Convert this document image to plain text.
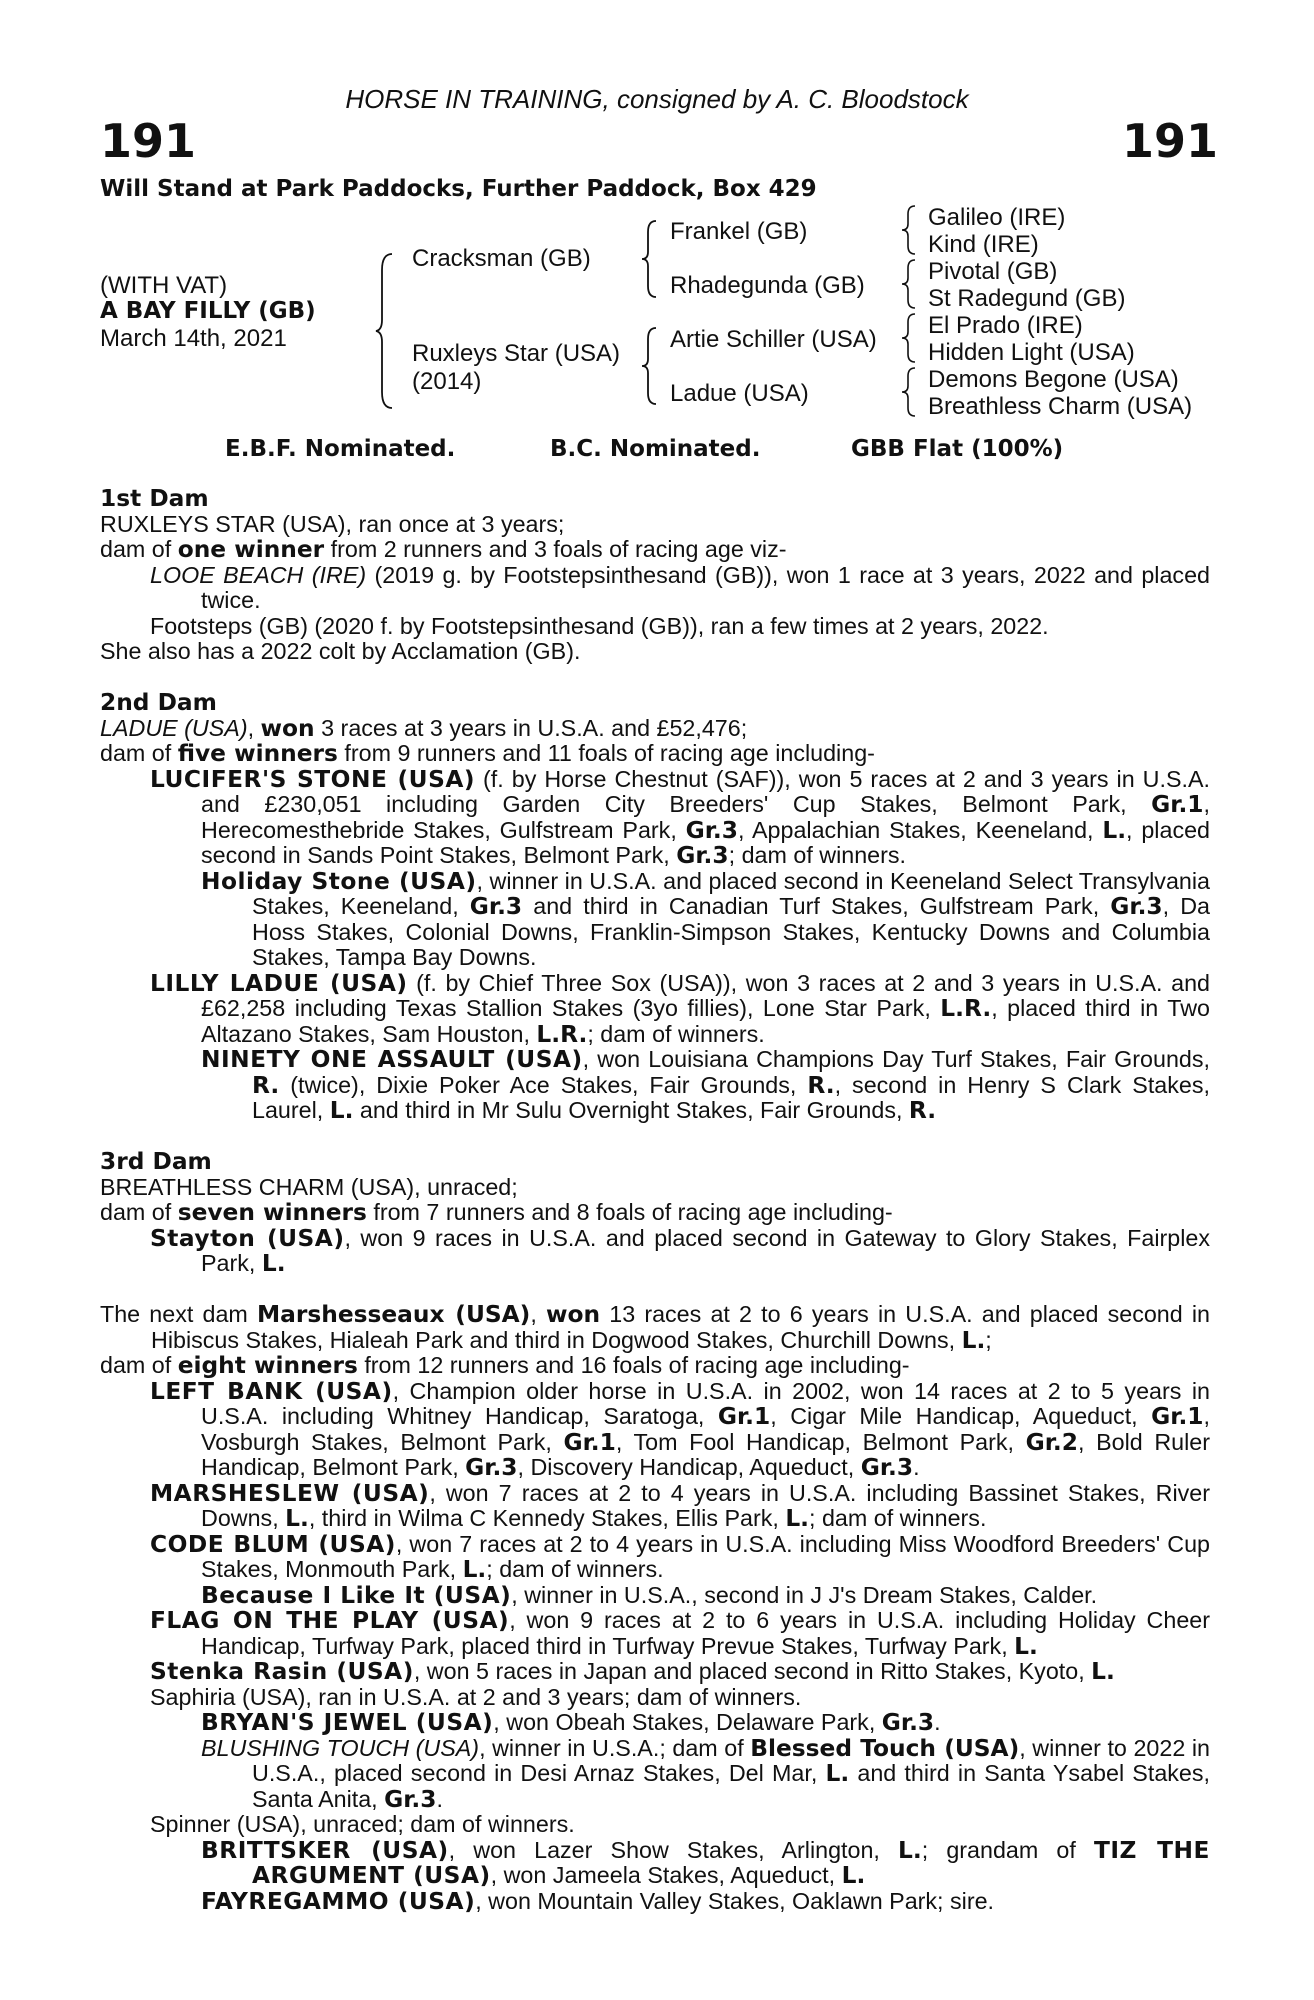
HORSE IN TRAINING, consigned by A. C. Bloodstock
191	191
Will Stand at Park Paddocks, Further Paddock, Box 429
(WITH VAT)
A BAY FILLY (GB)
March 14th, 2021
Cracksman (GB)
Ruxleys Star (USA)
(2014)
Frankel (GB)
Rhadegunda (GB)
Artie Schiller (USA)
Ladue (USA)
Galileo (IRE)
Kind (IRE)
Pivotal (GB)
St Radegund (GB)
El Prado (IRE)
Hidden Light (USA)
Demons Begone (USA)
Breathless Charm (USA)
E.B.F. Nominated.	B.C. Nominated.	GBB Flat (100%)

1st Dam

RUXLEYS STAR (USA), ran once at 3 years;

dam of one winner from 2 runners and 3 foals of racing age viz-

LOOE BEACH (IRE) (2019 g. by Footstepsinthesand (GB)), won 1 race at 3 years, 2022 and placed twice.

Footsteps (GB) (2020 f. by Footstepsinthesand (GB)), ran a few times at 2 years, 2022.

She also has a 2022 colt by Acclamation (GB).

2nd Dam

LADUE (USA), won 3 races at 3 years in U.S.A. and £52,476;

dam of five winners from 9 runners and 11 foals of racing age including-

LUCIFER'S STONE (USA) (f. by Horse Chestnut (SAF)), won 5 races at 2 and 3 years in U.S.A. and £230,051 including Garden City Breeders' Cup Stakes, Belmont Park, Gr.1, Herecomesthebride Stakes, Gulfstream Park, Gr.3, Appalachian Stakes, Keeneland, L., placed second in Sands Point Stakes, Belmont Park, Gr.3; dam of winners.

Holiday Stone (USA), winner in U.S.A. and placed second in Keeneland Select Transylvania Stakes, Keeneland, Gr.3 and third in Canadian Turf Stakes, Gulfstream Park, Gr.3, Da Hoss Stakes, Colonial Downs, Franklin-Simpson Stakes, Kentucky Downs and Columbia Stakes, Tampa Bay Downs.

LILLY LADUE (USA) (f. by Chief Three Sox (USA)), won 3 races at 2 and 3 years in U.S.A. and £62,258 including Texas Stallion Stakes (3yo fillies), Lone Star Park, L.R., placed third in Two Altazano Stakes, Sam Houston, L.R.; dam of winners.

NINETY ONE ASSAULT (USA), won Louisiana Champions Day Turf Stakes, Fair Grounds, R. (twice), Dixie Poker Ace Stakes, Fair Grounds, R., second in Henry S Clark Stakes, Laurel, L. and third in Mr Sulu Overnight Stakes, Fair Grounds, R.

3rd Dam

BREATHLESS CHARM (USA), unraced;

dam of seven winners from 7 runners and 8 foals of racing age including-

Stayton (USA), won 9 races in U.S.A. and placed second in Gateway to Glory Stakes, Fairplex Park, L.

The next dam Marshesseaux (USA), won 13 races at 2 to 6 years in U.S.A. and placed second in Hibiscus Stakes, Hialeah Park and third in Dogwood Stakes, Churchill Downs, L.;

dam of eight winners from 12 runners and 16 foals of racing age including-

LEFT BANK (USA), Champion older horse in U.S.A. in 2002, won 14 races at 2 to 5 years in U.S.A. including Whitney Handicap, Saratoga, Gr.1, Cigar Mile Handicap, Aqueduct, Gr.1, Vosburgh Stakes, Belmont Park, Gr.1, Tom Fool Handicap, Belmont Park, Gr.2, Bold Ruler Handicap, Belmont Park, Gr.3, Discovery Handicap, Aqueduct, Gr.3.

MARSHESLEW (USA), won 7 races at 2 to 4 years in U.S.A. including Bassinet Stakes, River Downs, L., third in Wilma C Kennedy Stakes, Ellis Park, L.; dam of winners.

CODE BLUM (USA), won 7 races at 2 to 4 years in U.S.A. including Miss Woodford Breeders' Cup Stakes, Monmouth Park, L.; dam of winners.

Because I Like It (USA), winner in U.S.A., second in J J's Dream Stakes, Calder.

FLAG ON THE PLAY (USA), won 9 races at 2 to 6 years in U.S.A. including Holiday Cheer Handicap, Turfway Park, placed third in Turfway Prevue Stakes, Turfway Park, L.

Stenka Rasin (USA), won 5 races in Japan and placed second in Ritto Stakes, Kyoto, L.

Saphiria (USA), ran in U.S.A. at 2 and 3 years; dam of winners.

BRYAN'S JEWEL (USA), won Obeah Stakes, Delaware Park, Gr.3.

BLUSHING TOUCH (USA), winner in U.S.A.; dam of Blessed Touch (USA), winner to 2022 in U.S.A., placed second in Desi Arnaz Stakes, Del Mar, L. and third in Santa Ysabel Stakes, Santa Anita, Gr.3.

Spinner (USA), unraced; dam of winners.

BRITTSKER (USA), won Lazer Show Stakes, Arlington, L.; grandam of TIZ THE ARGUMENT (USA), won Jameela Stakes, Aqueduct, L.

FAYREGAMMO (USA), won Mountain Valley Stakes, Oaklawn Park; sire.
